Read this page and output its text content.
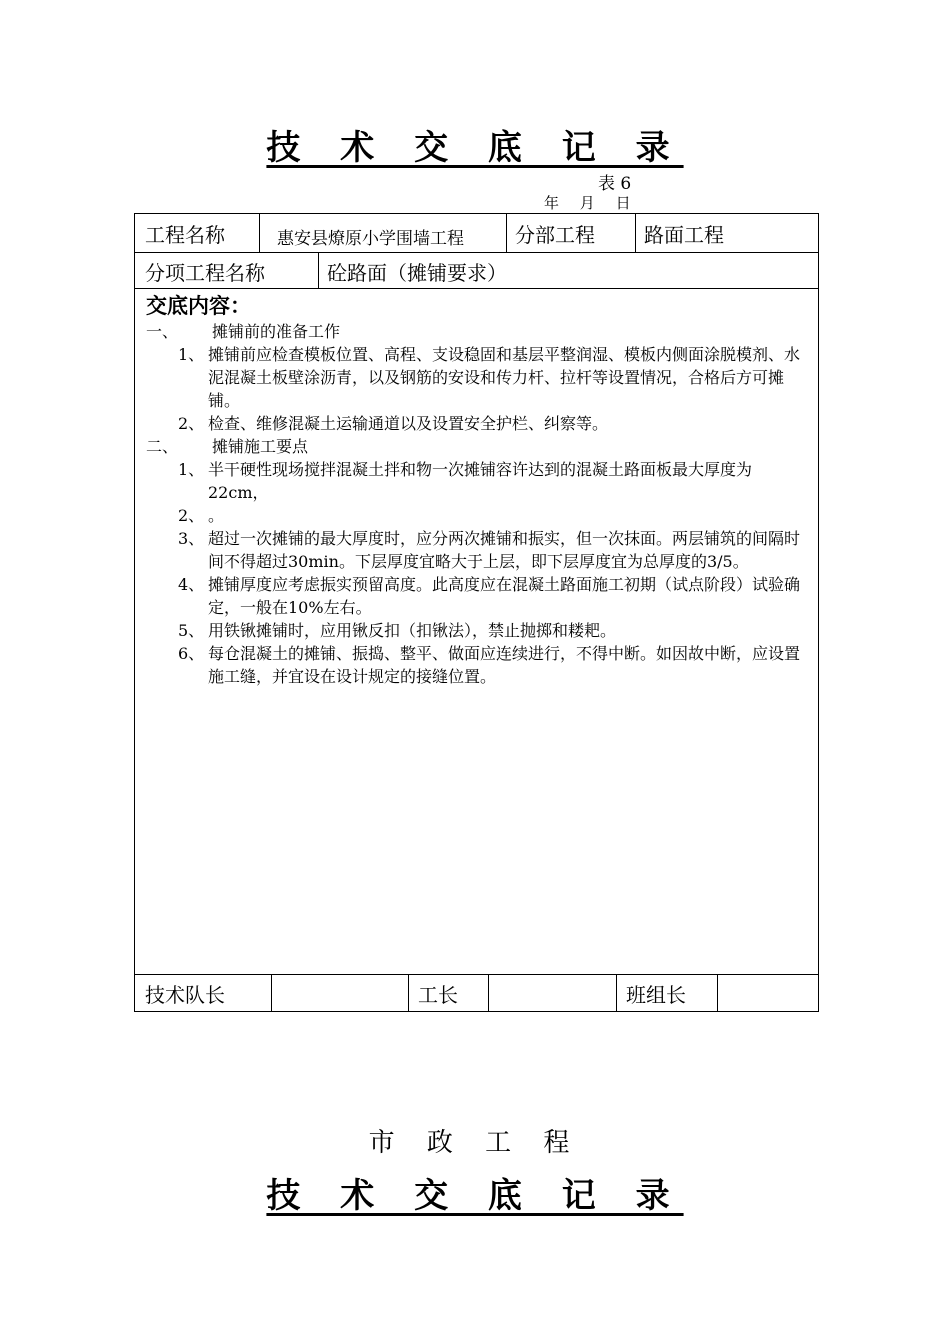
技 术 交 底 记 录
表 6
年 月 日
工程名称	惠安县燎原小学围墙工程	分部工程 路面工程
分项工程名称	砼路面（摊铺要求）
交底内容：
一、 摊铺前的准备工作
1、 摊铺前应检查模板位置、高程、支设稳固和基层平整润湿、模板内侧面涂脱模剂、水泥混凝土板壁涂沥青，以及钢筋的安设和传力杆、拉杆等设置情况，合格后方可摊铺。
2、 检查、维修混凝土运输通道以及设置安全护栏、纠察等。
二、 摊铺施工要点
1、 半干硬性现场搅拌混凝土拌和物一次摊铺容许达到的混凝土路面板最大厚度为22cm，
2、 。
3、 超过一次摊铺的最大厚度时，应分两次摊铺和振实，但一次抹面。两层铺筑的间隔时间不得超过30min。下层厚度宜略大于上层，即下层厚度宜为总厚度的3/5。
4、 摊铺厚度应考虑振实预留高度。此高度应在混凝土路面施工初期（试点阶段）试验确定，一般在10%左右。
5、 用铁锹摊铺时，应用锹反扣（扣锹法），禁止抛掷和耧耙。
6、 每仓混凝土的摊铺、振捣、整平、做面应连续进行，不得中断。如因故中断，应设置施工缝，并宜设在设计规定的接缝位置。
技术队长	工长	班组长
市 政 工 程
技 术 交 底 记 录
